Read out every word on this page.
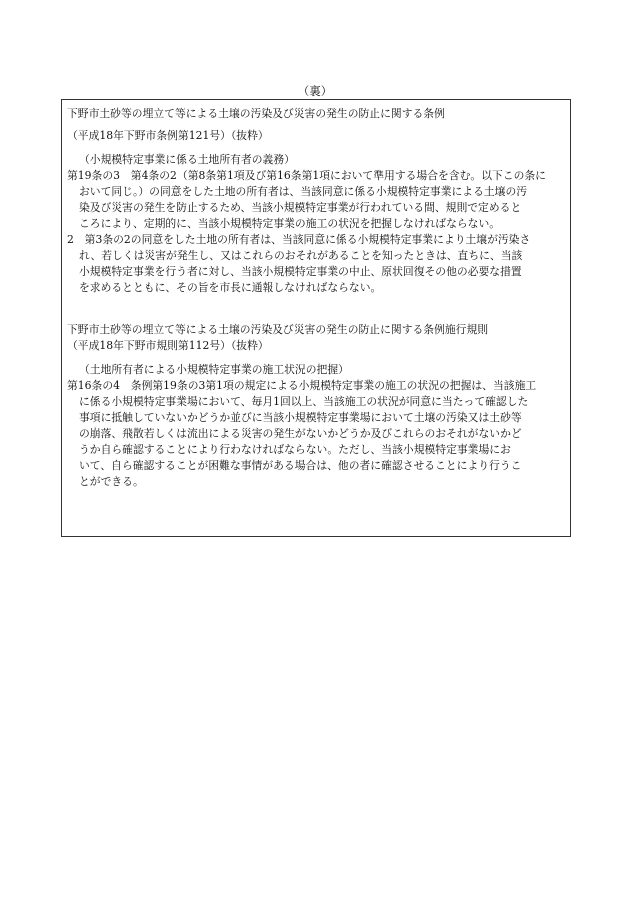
（裏）
下野市土砂等の埋立て等による土壌の汚染及び災害の発生の防止に関する条例
（平成18年下野市条例第121号）（抜粋）
（小規模特定事業に係る土地所有者の義務）
第19条の3　第4条の2（第8条第1項及び第16条第1項において準用する場合を含む。以下この条に
おいて同じ。）の同意をした土地の所有者は、当該同意に係る小規模特定事業による土壌の汚
染及び災害の発生を防止するため、当該小規模特定事業が行われている間、規則で定めると
ころにより、定期的に、当該小規模特定事業の施工の状況を把握しなければならない。
2　第3条の2の同意をした土地の所有者は、当該同意に係る小規模特定事業により土壌が汚染さ
れ、若しくは災害が発生し、又はこれらのおそれがあることを知ったときは、直ちに、当該
小規模特定事業を行う者に対し、当該小規模特定事業の中止、原状回復その他の必要な措置
を求めるとともに、その旨を市長に通報しなければならない。
下野市土砂等の埋立て等による土壌の汚染及び災害の発生の防止に関する条例施行規則
（平成18年下野市規則第112号）（抜粋）
（土地所有者による小規模特定事業の施工状況の把握）
第16条の4　条例第19条の3第1項の規定による小規模特定事業の施工の状況の把握は、当該施工
に係る小規模特定事業場において、毎月1回以上、当該施工の状況が同意に当たって確認した
事項に抵触していないかどうか並びに当該小規模特定事業場において土壌の汚染又は土砂等
の崩落、飛散若しくは流出による災害の発生がないかどうか及びこれらのおそれがないかど
うか自ら確認することにより行わなければならない。ただし、当該小規模特定事業場にお
いて、自ら確認することが困難な事情がある場合は、他の者に確認させることにより行うこ
とができる。
